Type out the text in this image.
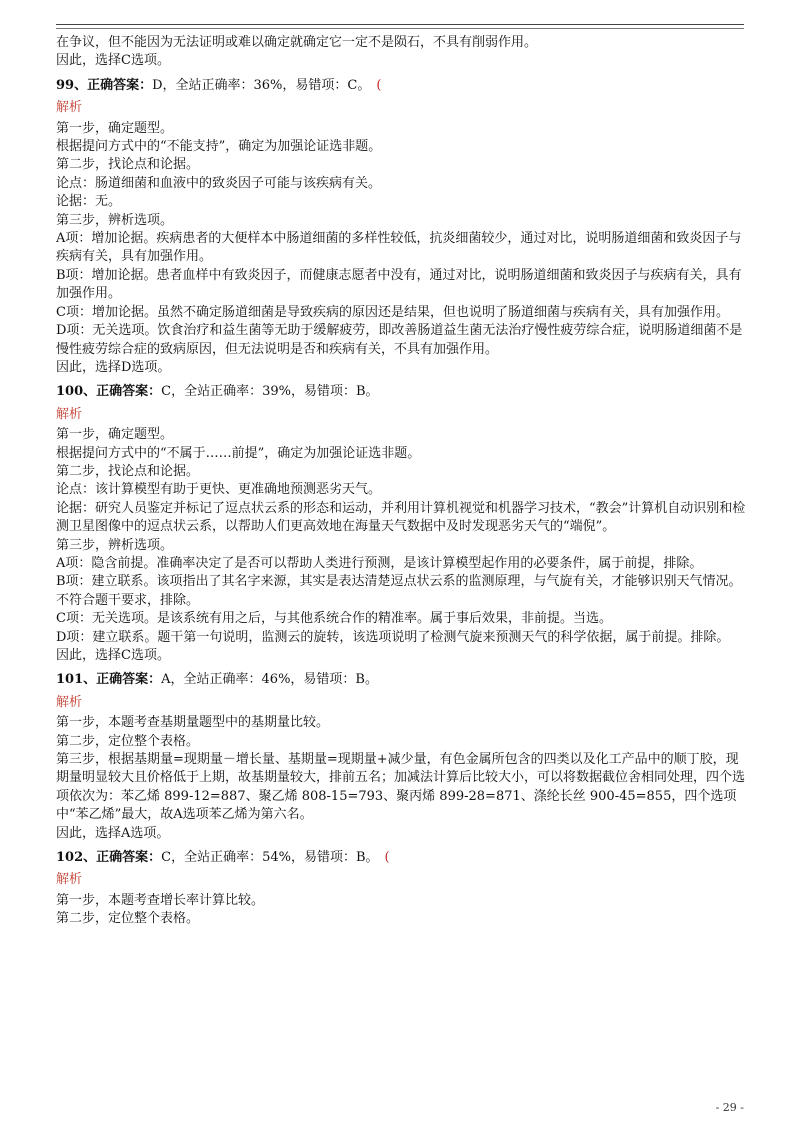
在争议，但不能因为无法证明或难以确定就确定它一定不是陨石，不具有削弱作用。

因此，选择C选项。

99、正确答案：D，全站正确率：36%，易错项：C。 (

解析

第一步，确定题型。

根据提问方式中的“不能支持”，确定为加强论证选非题。

第二步，找论点和论据。

论点：肠道细菌和血液中的致炎因子可能与该疾病有关。

论据：无。

第三步，辨析选项。

A项：增加论据。疾病患者的大便样本中肠道细菌的多样性较低，抗炎细菌较少，通过对比，说明肠道细菌和致炎因子与疾病有关，具有加强作用。

B项：增加论据。患者血样中有致炎因子，而健康志愿者中没有，通过对比，说明肠道细菌和致炎因子与疾病有关，具有加强作用。

C项：增加论据。虽然不确定肠道细菌是导致疾病的原因还是结果，但也说明了肠道细菌与疾病有关，具有加强作用。

D项：无关选项。饮食治疗和益生菌等无助于缓解疲劳，即改善肠道益生菌无法治疗慢性疲劳综合症，说明肠道细菌不是慢性疲劳综合症的致病原因，但无法说明是否和疾病有关，不具有加强作用。

因此，选择D选项。

100、正确答案：C，全站正确率：39%，易错项：B。

解析

第一步，确定题型。

根据提问方式中的“不属于……前提”，确定为加强论证选非题。

第二步，找论点和论据。

论点：该计算模型有助于更快、更准确地预测恶劣天气。

论据：研究人员鉴定并标记了逗点状云系的形态和运动，并利用计算机视觉和机器学习技术，“教会”计算机自动识别和检测卫星图像中的逗点状云系，以帮助人们更高效地在海量天气数据中及时发现恶劣天气的“端倪”。

第三步，辨析选项。

A项：隐含前提。准确率决定了是否可以帮助人类进行预测，是该计算模型起作用的必要条件，属于前提，排除。

B项：建立联系。该项指出了其名字来源，其实是表达清楚逗点状云系的监测原理，与气旋有关，才能够识别天气情况。不符合题干要求，排除。

C项：无关选项。是该系统有用之后，与其他系统合作的精准率。属于事后效果，非前提。当选。

D项：建立联系。题干第一句说明，监测云的旋转，该选项说明了检测气旋来预测天气的科学依据，属于前提。排除。

因此，选择C选项。

101、正确答案：A，全站正确率：46%，易错项：B。

解析

第一步，本题考查基期量题型中的基期量比较。

第二步，定位整个表格。

第三步，根据基期量=现期量－增长量、基期量=现期量+减少量，有色金属所包含的四类以及化工产品中的顺丁胶，现期量明显较大且价格低于上期，故基期量较大，排前五名；加减法计算后比较大小，可以将数据截位舍相同处理，四个选项依次为：苯乙烯 899-12=887、聚乙烯 808-15=793、聚丙烯 899-28=871、涤纶长丝 900-45=855，四个选项中“苯乙烯”最大，故A选项苯乙烯为第六名。

因此，选择A选项。

102、正确答案：C，全站正确率：54%，易错项：B。 (

解析

第一步，本题考查增长率计算比较。

第二步，定位整个表格。

- 29 -
